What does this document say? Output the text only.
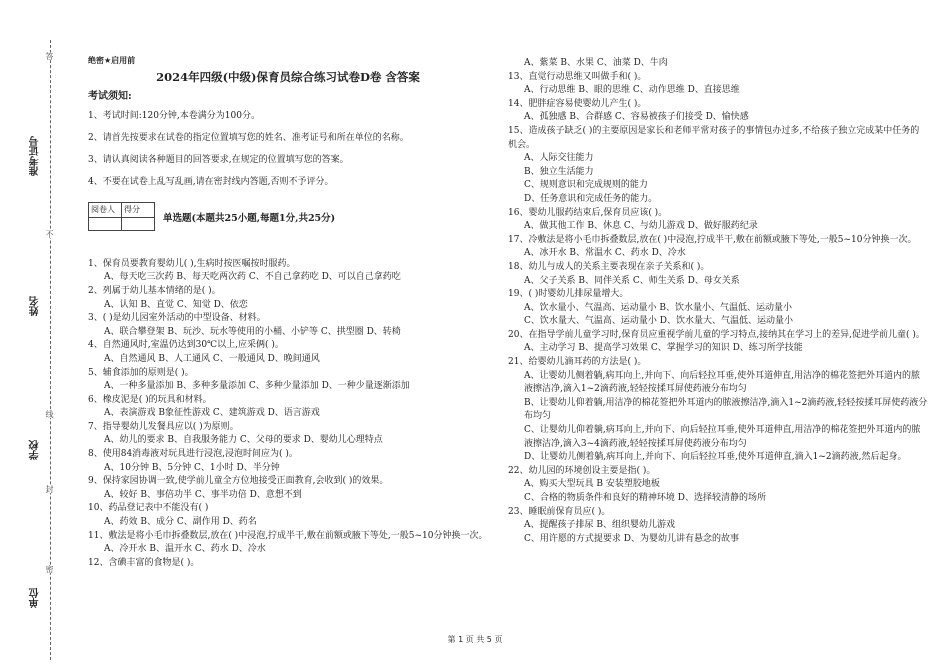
答
准考证号
不
姓名
线
学校
封
密
单位
绝密★启用前
2024年四级(中级)保育员综合练习试卷D卷 含答案
考试须知:
1、考试时间:120分钟,本卷满分为100分。
2、请首先按要求在试卷的指定位置填写您的姓名、准考证号和所在单位的名称。
3、请认真阅读各种题目的回答要求,在规定的位置填写您的答案。
4、不要在试卷上乱写乱画,请在密封线内答题,否则不予评分。
阅卷人	得分

单选题(本题共25小题,每题1分,共25分)
1、保育员要教育婴幼儿( ),生病时按医嘱按时服药。
A、每天吃三次药 B、每天吃两次药 C、不自己拿药吃 D、可以自己拿药吃
2、列属于幼儿基本情绪的是( )。
A、认知 B、直觉 C、知觉 D、依恋
3、( )是幼儿园室外活动的中型设备、材料。
A、联合攀登架 B、玩沙、玩水等使用的小桶、小铲等 C、拱型圈 D、转椅
4、自然通风时,室温仍达到30℃以上,应采俩( )。
A、自然通风 B、人工通风 C、一般通风 D、晚间通风
5、辅食添加的原则是( )。
A、一种多量添加 B、多种多量添加 C、多种少量添加 D、一种少量逐渐添加
6、橡皮泥是( )的玩具和材料。
A、表演游戏 B象征性游戏 C、建筑游戏 D、语言游戏
7、指导婴幼儿发餐具应以( )为原则。
A、幼儿的要求 B、自我服务能力 C、父母的要求 D、婴幼儿心理特点
8、使用84消毒液对玩具进行浸泡,浸泡时间应为( )。
A、10分钟 B、5分钟 C、1小时 D、半分钟
9、保持家园协调一致,使学前儿童全方位地接受正面教育,会收到( )的效果。
A、较好 B、事倍功半 C、事半功倍 D、意想不到
10、药品登记表中不能没有( )
A、药效 B、成分 C、副作用 D、药名
11、敷法是将小毛巾拆叠数层,放在( )中浸泡,拧成半干,敷在前额或腋下等处,一般5~10分钟换一次。
A、冷开水 B、温开水 C、药水 D、冷水
12、含碘丰富的食物是( )。
A、紫菜 B、水果 C、油菜 D、牛肉
13、直觉行动思维又叫做手和( )。
A、行动思维 B、眼的思维 C、动作思维 D、直接思维
14、肥胖症容易使婴幼儿产生( )。
A、孤独感 B、合群感 C、容易被孩子们接受 D、愉快感
15、造成孩子缺乏( )的主要原因是家长和老师平常对孩子的事情包办过多,不给孩子独立完成某中任务的机会。
A、人际交往能力
B、独立生活能力
C、规则意识和完成规则的能力
D、任务意识和完成任务的能力。
16、婴幼儿服药结束后,保育员应该( )。
A、做其他工作 B、休息 C、与幼儿游戏 D、做好服药纪录
17、冷敷法是将小毛巾拆叠数层,放在( )中浸泡,拧成半干,敷在前额或腋下等处,一般5~10分钟换一次。
A、冰开水 B、常温水 C、药水 D、冷水
18、幼儿与成人的关系主要表现在亲子关系和( )。
A、父子关系 B、同伴关系 C、师生关系 D、母女关系
19、( )时婴幼儿排尿量增大。
A、饮水量小、气温高、运动量小 B、饮水量小、气温低、运动量小
C、饮水量大、气温高、运动量小 D、饮水量大、气温低、运动量小
20、在指导学前儿童学习时,保育员应重视学前儿童的学习特点,接纳其在学习上的差异,促进学前儿童( )。
A、主动学习 B、提高学习效果 C、掌握学习的知识 D、练习所学技能
21、给婴幼儿滴耳药的方法是( )。
A、让婴幼儿侧着躺,病耳向上,并向下、向后轻拉耳垂,使外耳道伸直,用洁净的棉花签把外耳道内的脓液擦洁净,滴入1~2滴药液,轻轻按揉耳屏使药液分布均匀
B、让婴幼儿仰着躺,用洁净的棉花签把外耳道内的脓液擦洁净,滴入1~2滴药液,轻轻按揉耳屏使药液分布均匀
C、让婴幼儿仰着躺,病耳向上,并向下、向后轻拉耳垂,使外耳道伸直,用洁净的棉花签把外耳道内的脓液擦洁净,滴入3~4滴药液,轻轻按揉耳屏使药液分布均匀
D、让婴幼儿侧着躺,病耳向上,并向下、向后轻拉耳垂,使外耳道伸直,滴入1~2滴药液,然后起身。
22、幼儿园的环境创设主要是指( )。
A、购买大型玩具 B 安装塑胶地板
C、合格的物质条件和良好的精神环境 D、选择较清静的场所
23、睡眠前保育员应( )。
A、提醒孩子排尿 B、组织婴幼儿游戏
C、用许愿的方式提要求 D、为婴幼儿讲有悬念的故事
第 1 页 共 5 页
